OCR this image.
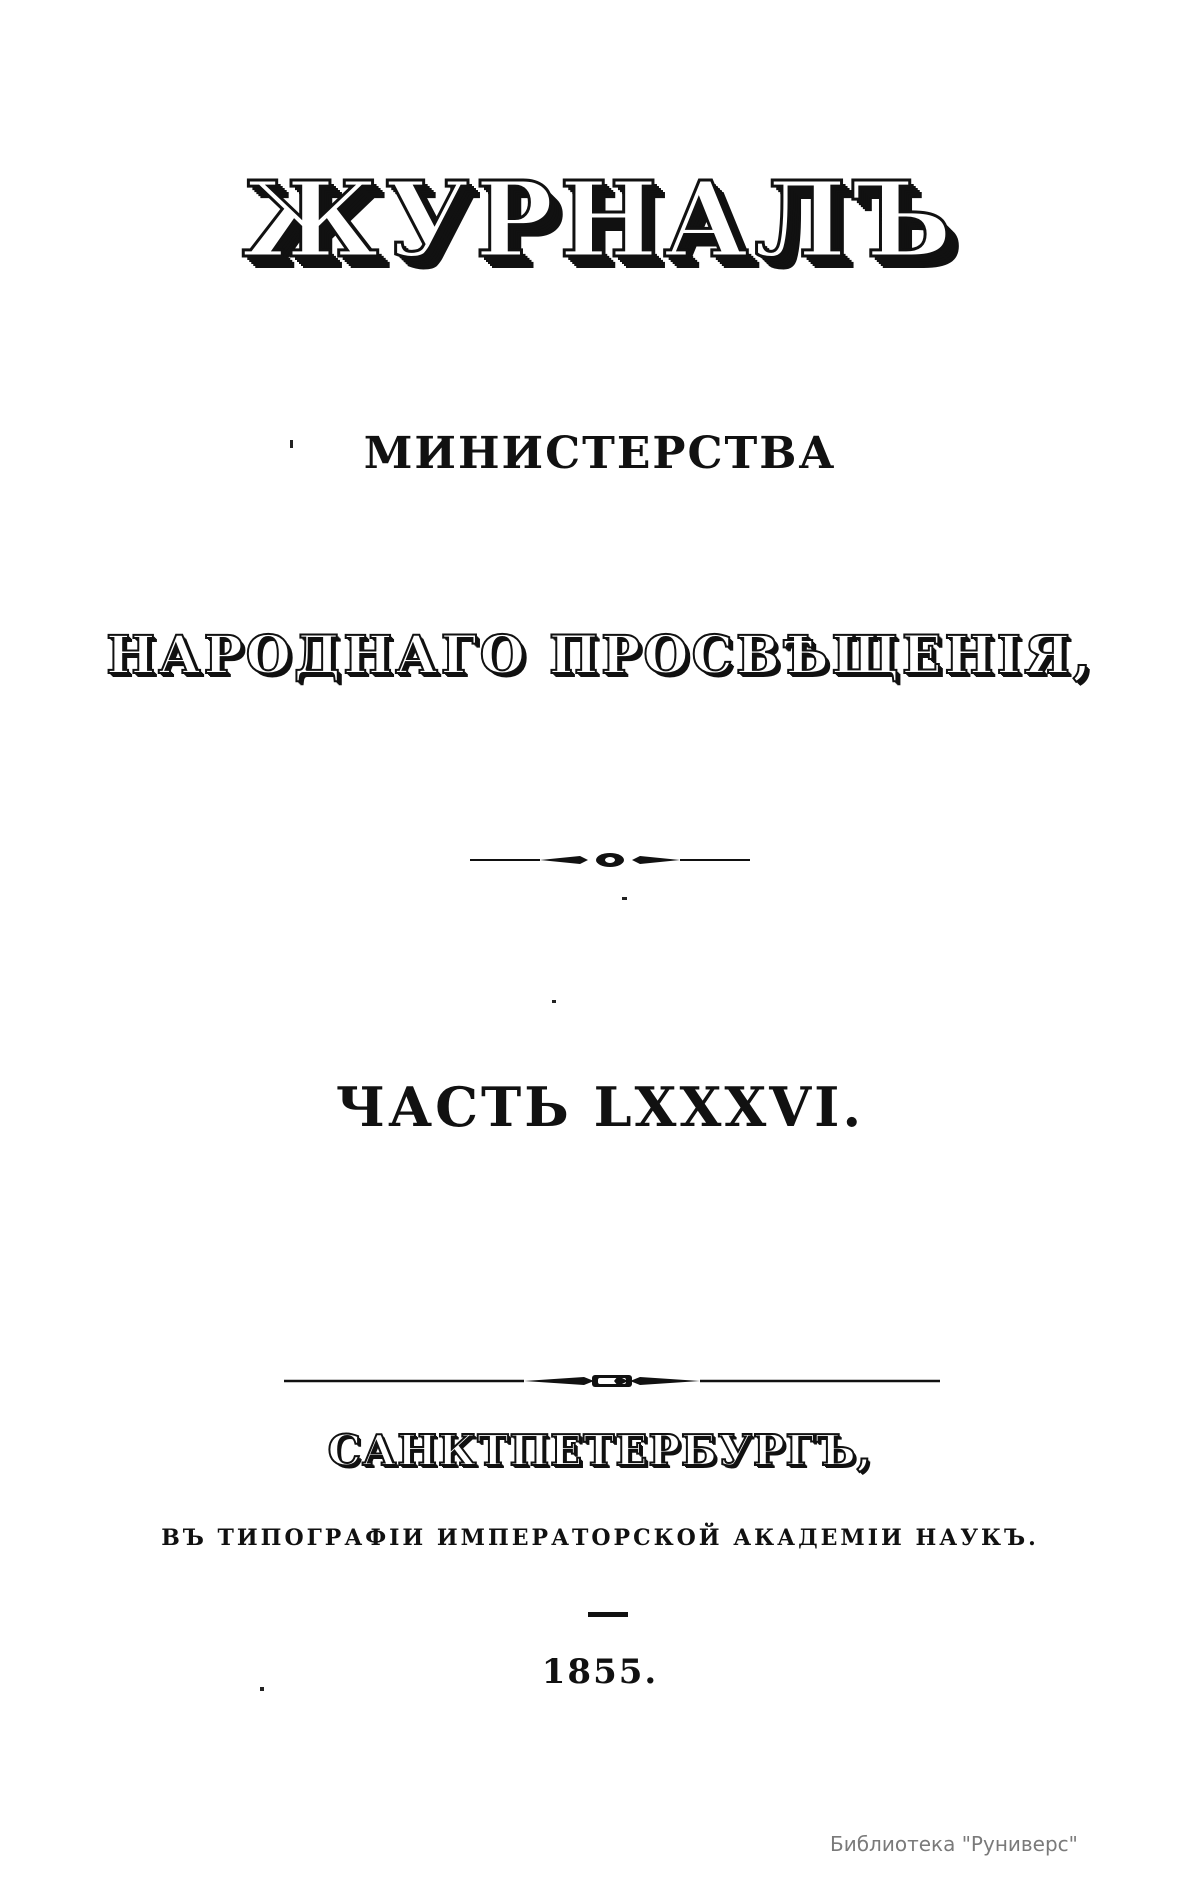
ЖУРНАЛЪ
МИНИСТЕРСТВА
НАРОДНАГО ПРОСВѢЩЕНІЯ,
ЧАСТЬ LXXXVI.
САНКТПЕТЕРБУРГЪ,
ВЪ ТИПОГРАФІИ ИМПЕРАТОРСКОЙ АКАДЕМІИ НАУКЪ.
1855.
Библиотека "Руниверс"
